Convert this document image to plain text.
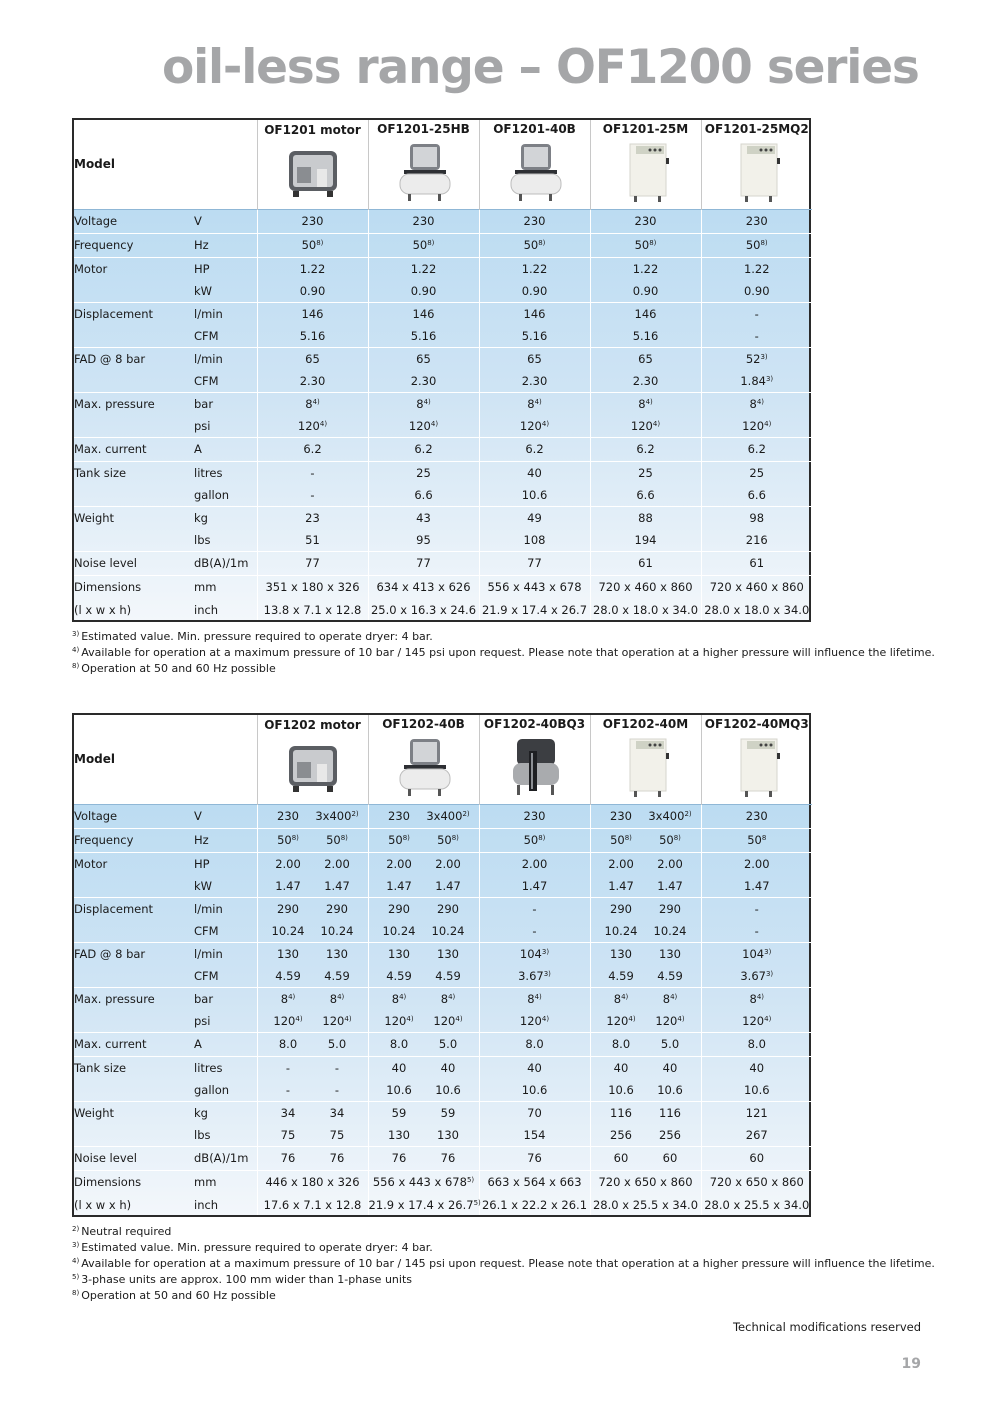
oil-less range – OF1200 series
Model		OF1201 motor	OF1201-25HB	OF1201-40B	OF1201-25M	OF1201-25MQ2

Voltage	V	230	230	230	230	230
Frequency	Hz	50$^{8)}$	50$^{8)}$	50$^{8)}$	50$^{8)}$	50$^{8)}$
Motor	HP	1.22	1.22	1.22	1.22	1.22
	kW	0.90	0.90	0.90	0.90	0.90
Displacement	l/min	146	146	146	146	-
	CFM	5.16	5.16	5.16	5.16	-
FAD @ 8 bar	l/min	65	65	65	65	52$^{3)}$
	CFM	2.30	2.30	2.30	2.30	1.84$^{3)}$
Max. pressure	bar	8$^{4)}$	8$^{4)}$	8$^{4)}$	8$^{4)}$	8$^{4)}$
	psi	120$^{4)}$	120$^{4)}$	120$^{4)}$	120$^{4)}$	120$^{4)}$
Max. current	A	6.2	6.2	6.2	6.2	6.2
Tank size	litres	-	25	40	25	25
	gallon	-	6.6	10.6	6.6	6.6
Weight	kg	23	43	49	88	98
	lbs	51	95	108	194	216
Noise level	dB(A)/1m	77	77	77	61	61
Dimensions	mm	351 x 180 x 326	634 x 413 x 626	556 x 443 x 678	720 x 460 x 860	720 x 460 x 860
(l x w x h)	inch	13.8 x 7.1 x 12.8	25.0 x 16.3 x 24.6	21.9 x 17.4 x 26.7	28.0 x 18.0 x 34.0	28.0 x 18.0 x 34.0
$^{3)}$ Estimated value. Min. pressure required to operate dryer: 4 bar.
$^{4)}$ Available for operation at a maximum pressure of 10 bar / 145 psi upon request. Please note that operation at a higher pressure will influence the lifetime.
$^{8)}$ Operation at 50 and 60 Hz possible
Model		OF1202 motor	OF1202-40B	OF1202-40BQ3	OF1202-40M	OF1202-40MQ3

Voltage	V	230 3x400$^{2)}$	230 3x400$^{2)}$	230	230 3x400$^{2)}$	230
Frequency	Hz	50$^{8)}$ 50$^{8)}$	50$^{8)}$ 50$^{8)}$	50$^{8)}$	50$^{8)}$ 50$^{8)}$	$50^8$
Motor	HP	2.00 2.00	2.00 2.00	2.00	2.00 2.00	2.00
	kW	1.47 1.47	1.47 1.47	1.47	1.47 1.47	1.47
Displacement	l/min	290 290	290 290	-	290 290	-
	CFM	10.24 10.24	10.24 10.24	-	10.24 10.24	-
FAD @ 8 bar	l/min	130 130	130 130	104$^{3)}$	130 130	104$^{3)}$
	CFM	4.59 4.59	4.59 4.59	3.67$^{3)}$	4.59 4.59	3.67$^{3)}$
Max. pressure	bar	8$^{4)}$ 8$^{4)}$	8$^{4)}$ 8$^{4)}$	8$^{4)}$	8$^{4)}$ 8$^{4)}$	8$^{4)}$
	psi	120$^{4)}$ 120$^{4)}$	120$^{4)}$ 120$^{4)}$	120$^{4)}$	120$^{4)}$ 120$^{4)}$	120$^{4)}$
Max. current	A	8.0 5.0	8.0 5.0	8.0	8.0 5.0	8.0
Tank size	litres	- -	40 40	40	40 40	40
	gallon	- -	10.6 10.6	10.6	10.6 10.6	10.6
Weight	kg	34 34	59 59	70	116 116	121
	lbs	75 75	130 130	154	256 256	267
Noise level	dB(A)/1m	76 76	76 76	76	60 60	60
Dimensions	mm	446 x 180 x 326	556 x 443 x 678$^{5)}$	663 x 564 x 663	720 x 650 x 860	720 x 650 x 860
(l x w x h)	inch	17.6 x 7.1 x 12.8	21.9 x 17.4 x 26.7$^{5)}$	26.1 x 22.2 x 26.1	28.0 x 25.5 x 34.0	28.0 x 25.5 x 34.0
$^{2)}$ Neutral required
$^{3)}$ Estimated value. Min. pressure required to operate dryer: 4 bar.
$^{4)}$ Available for operation at a maximum pressure of 10 bar / 145 psi upon request. Please note that operation at a higher pressure will influence the lifetime.
$^{5)}$ 3-phase units are approx. 100 mm wider than 1-phase units
$^{8)}$ Operation at 50 and 60 Hz possible
Technical modifications reserved
19
